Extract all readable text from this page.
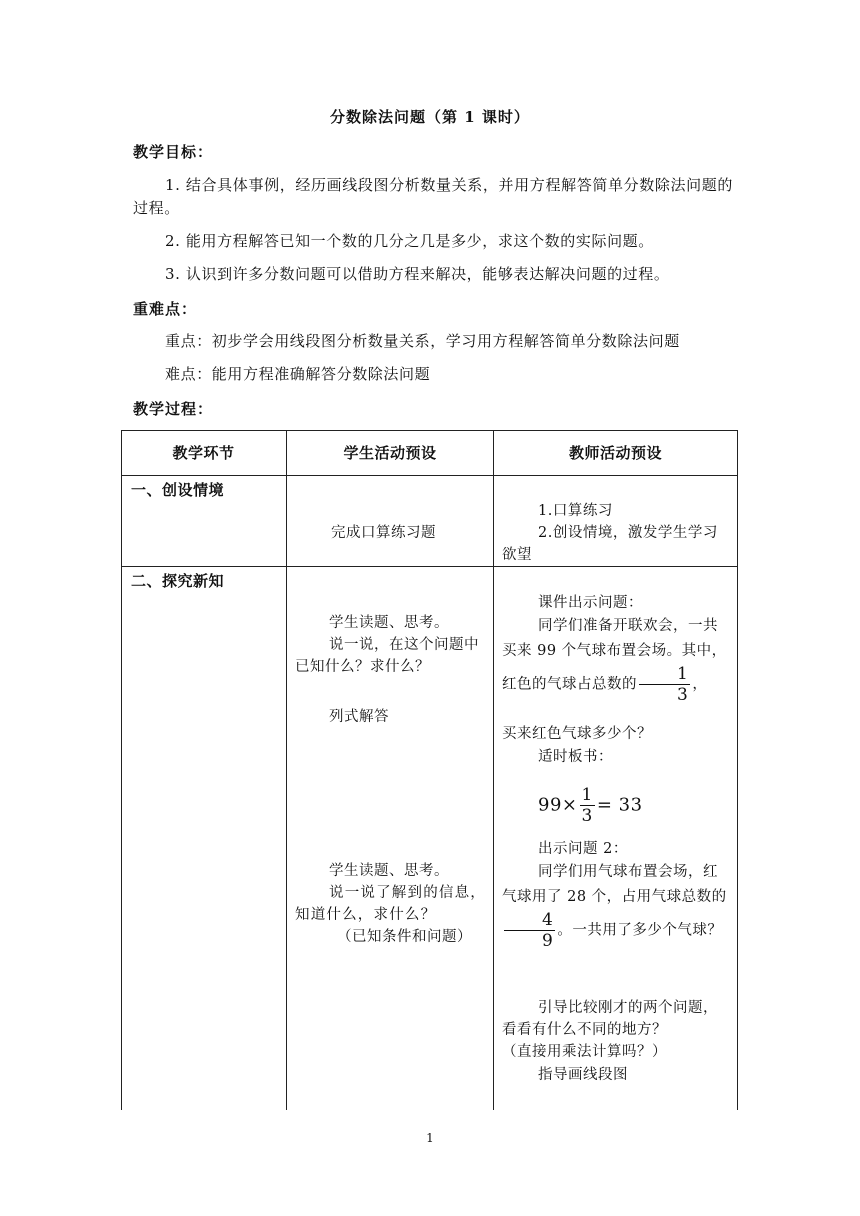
分数除法问题（第 1 课时）
教学目标：
1. 结合具体事例，经历画线段图分析数量关系，并用方程解答简单分数除法问题的过程。
2. 能用方程解答已知一个数的几分之几是多少，求这个数的实际问题。
3. 认识到许多分数问题可以借助方程来解决，能够表达解决问题的过程。
重难点：
重点：初步学会用线段图分析数量关系，学习用方程解答简单分数除法问题
难点：能用方程准确解答分数除法问题
教学过程：
教学环节	学生活动预设	教师活动预设
一、创设情境
完成口算练习题
1.口算练习
2.创设情境，激发学生学习欲望
二、探究新知
学生读题、思考。
说一说，在这个问题中已知什么？求什么？
列式解答
学生读题、思考。
说一说了解到的信息，知道什么，求什么？
（已知条件和问题）
课件出示问题：
同学们准备开联欢会，一共买来 99 个气球布置会场。其中，红色的气球占总数的 $\frac{1}{3}$ ，
买来红色气球多少个？
适时板书：
$99\times \frac{1}{3} = 33$
出示问题 2：
同学们用气球布置会场，红气球用了 28 个，占用气球总数的
$\frac{4}{9}$ 。一共用了多少个气球？
引导比较刚才的两个问题，看看有什么不同的地方？
（直接用乘法计算吗？）
指导画线段图
1
